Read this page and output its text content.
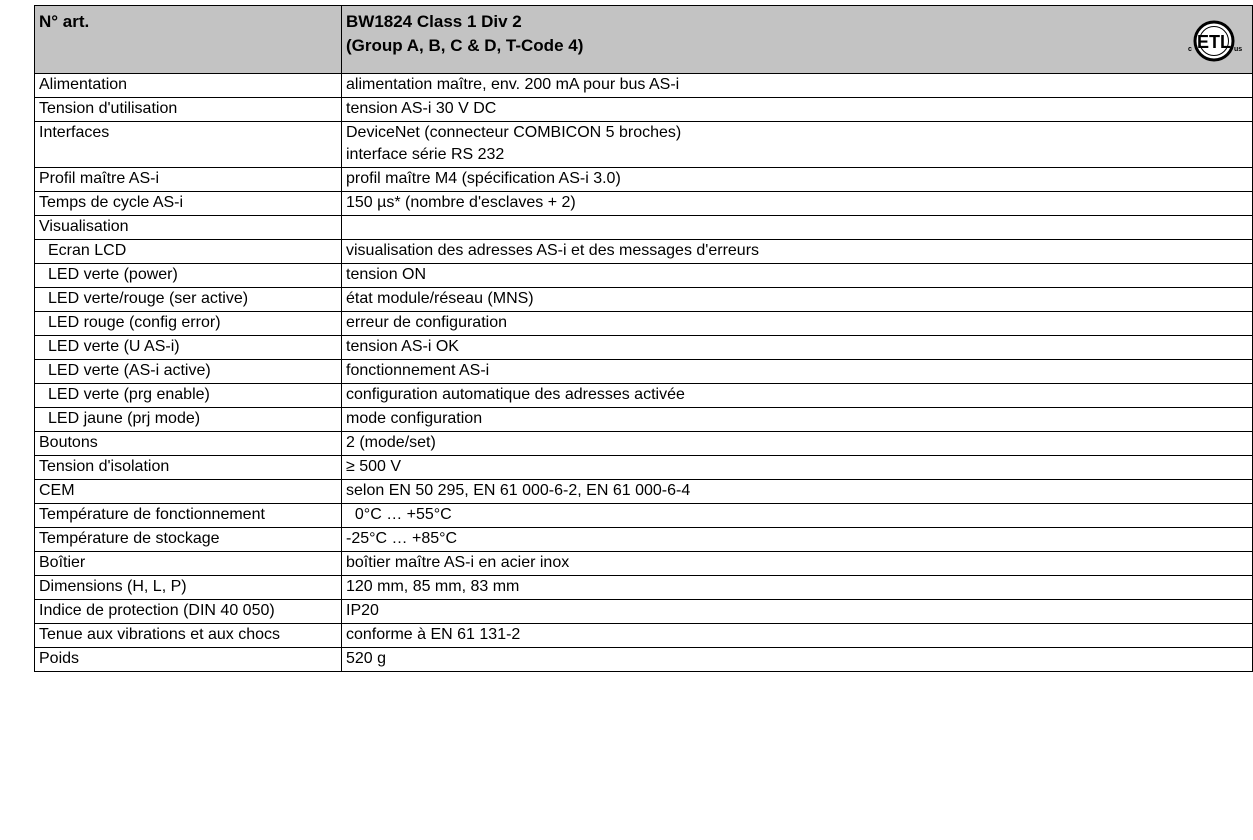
N° art.	BW1824 Class 1 Div 2
(Group A, B, C & D, T-Code 4) ETL
c us

Alimentation	alimentation maître, env. 200 mA pour bus AS-i
Tension d'utilisation	tension AS-i 30 V DC
Interfaces	DeviceNet (connecteur COMBICON 5 broches)
interface série RS 232

Profil maître AS-i	profil maître M4 (spécification AS-i 3.0)
Temps de cycle AS-i	150 µs* (nombre d'esclaves + 2)
Visualisation	
Ecran LCD	visualisation des adresses AS-i et des messages d'erreurs
LED verte (power)	tension ON
LED verte/rouge (ser active)	état module/réseau (MNS)
LED rouge (config error)	erreur de configuration
LED verte (U AS-i)	tension AS-i OK
LED verte (AS-i active)	fonctionnement AS-i
LED verte (prg enable)	configuration automatique des adresses activée
LED jaune (prj mode)	mode configuration
Boutons	2 (mode/set)
Tension d'isolation	≥ 500 V
CEM	selon EN 50 295, EN 61 000-6-2, EN 61 000-6-4
Température de fonctionnement	0°C … +55°C
Température de stockage	-25°C … +85°C
Boîtier	boîtier maître AS-i en acier inox
Dimensions (H, L, P)	120 mm, 85 mm, 83 mm
Indice de protection (DIN 40 050)	IP20
Tenue aux vibrations et aux chocs	conforme à EN 61 131-2
Poids	520 g
